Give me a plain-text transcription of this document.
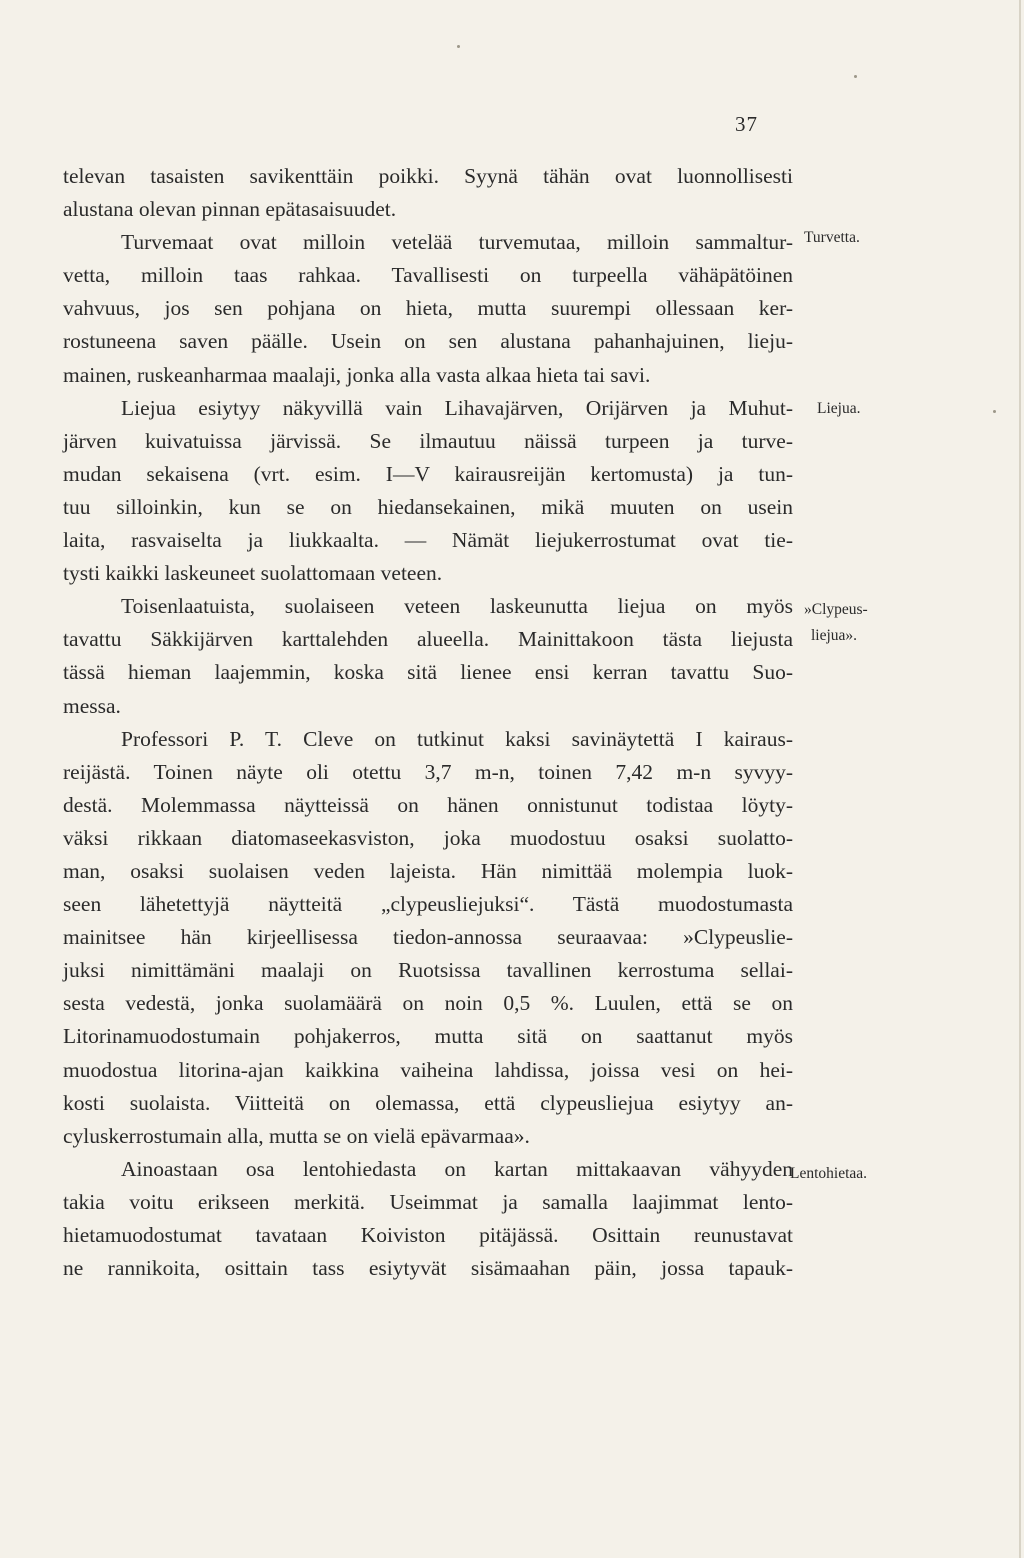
37
televan tasaisten savikenttäin poikki. Syynä tähän ovat luonnollisesti
alustana olevan pinnan epätasaisuudet.
Turvemaat ovat milloin vetelää turvemutaa, milloin sammaltur-
vetta, milloin taas rahkaa. Tavallisesti on turpeella vähäpätöinen
vahvuus, jos sen pohjana on hieta, mutta suurempi ollessaan ker-
rostuneena saven päälle. Usein on sen alustana pahanhajuinen, lieju-
mainen, ruskeanharmaa maalaji, jonka alla vasta alkaa hieta tai savi.
Liejua esiytyy näkyvillä vain Lihavajärven, Orijärven ja Muhut-
järven kuivatuissa järvissä. Se ilmautuu näissä turpeen ja turve-
mudan sekaisena (vrt. esim. I—V kairausreijän kertomusta) ja tun-
tuu silloinkin, kun se on hiedansekainen, mikä muuten on usein
laita, rasvaiselta ja liukkaalta. — Nämät liejukerrostumat ovat tie-
tysti kaikki laskeuneet suolattomaan veteen.
Toisenlaatuista, suolaiseen veteen laskeunutta liejua on myös
tavattu Säkkijärven karttalehden alueella. Mainittakoon tästa liejusta
tässä hieman laajemmin, koska sitä lienee ensi kerran tavattu Suo-
messa.
Professori P. T. Cleve on tutkinut kaksi savinäytettä I kairaus-
reijästä. Toinen näyte oli otettu 3,7 m-n, toinen 7,42 m-n syvyy-
destä. Molemmassa näytteissä on hänen onnistunut todistaa löyty-
väksi rikkaan diatomaseekasviston, joka muodostuu osaksi suolatto-
man, osaksi suolaisen veden lajeista. Hän nimittää molempia luok-
seen lähetettyjä näytteitä „clypeusliejuksi“. Tästä muodostumasta
mainitsee hän kirjeellisessa tiedon-annossa seuraavaa: »Clypeuslie-
juksi nimittämäni maalaji on Ruotsissa tavallinen kerrostuma sellai-
sesta vedestä, jonka suolamäärä on noin 0,5 %. Luulen, että se on
Litorinamuodostumain pohjakerros, mutta sitä on saattanut myös
muodostua litorina-ajan kaikkina vaiheina lahdissa, joissa vesi on hei-
kosti suolaista. Viitteitä on olemassa, että clypeusliejua esiytyy an-
cyluskerrostumain alla, mutta se on vielä epävarmaa».
Ainoastaan osa lentohiedasta on kartan mittakaavan vähyyden
takia voitu erikseen merkitä. Useimmat ja samalla laajimmat lento-
hietamuodostumat tavataan Koiviston pitäjässä. Osittain reunustavat
ne rannikoita, osittain tass esiytyvät sisämaahan päin, jossa tapauk-
Turvetta.
Liejua.
»Clypeus-
liejua».
Lentohietaa.
